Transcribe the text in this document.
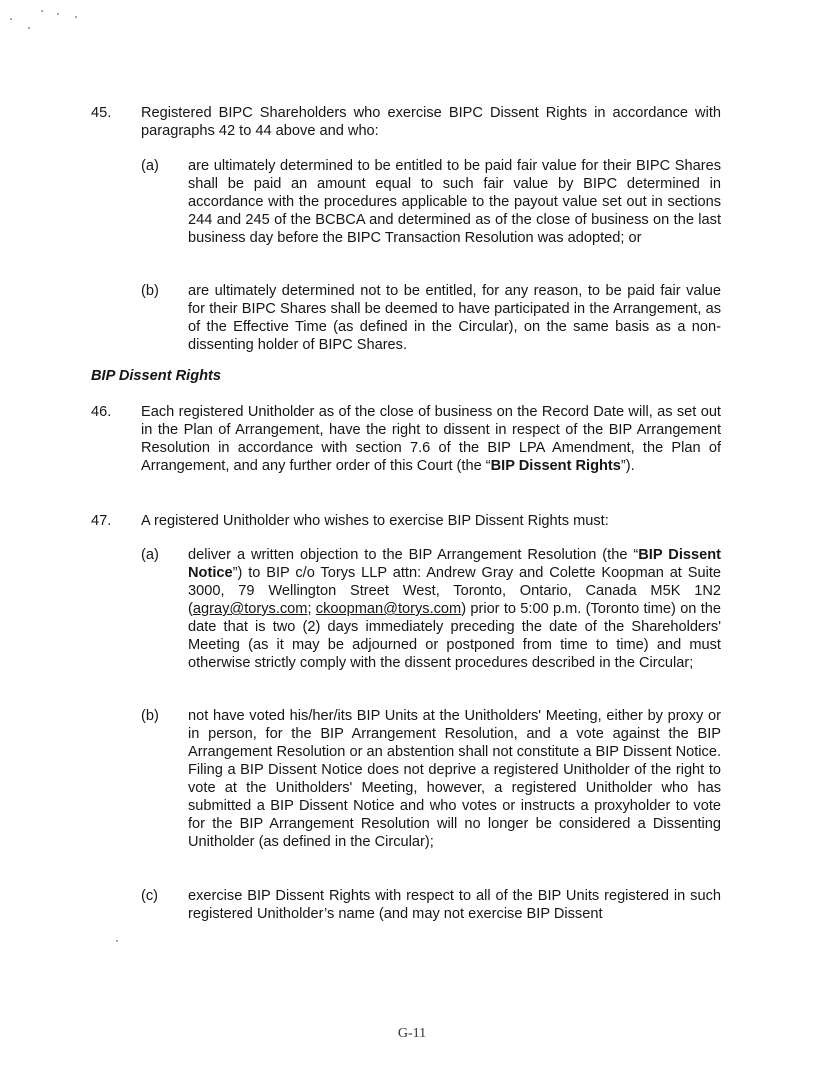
45. Registered BIPC Shareholders who exercise BIPC Dissent Rights in accordance with paragraphs 42 to 44 above and who:
(a) are ultimately determined to be entitled to be paid fair value for their BIPC Shares shall be paid an amount equal to such fair value by BIPC determined in accordance with the procedures applicable to the payout value set out in sections 244 and 245 of the BCBCA and determined as of the close of business on the last business day before the BIPC Transaction Resolution was adopted; or
(b) are ultimately determined not to be entitled, for any reason, to be paid fair value for their BIPC Shares shall be deemed to have participated in the Arrangement, as of the Effective Time (as defined in the Circular), on the same basis as a non-dissenting holder of BIPC Shares.
BIP Dissent Rights
46. Each registered Unitholder as of the close of business on the Record Date will, as set out in the Plan of Arrangement, have the right to dissent in respect of the BIP Arrangement Resolution in accordance with section 7.6 of the BIP LPA Amendment, the Plan of Arrangement, and any further order of this Court (the “BIP Dissent Rights”).
47. A registered Unitholder who wishes to exercise BIP Dissent Rights must:
(a) deliver a written objection to the BIP Arrangement Resolution (the “BIP Dissent Notice”) to BIP c/o Torys LLP attn: Andrew Gray and Colette Koopman at Suite 3000, 79 Wellington Street West, Toronto, Ontario, Canada M5K 1N2 (agray@torys.com; ckoopman@torys.com) prior to 5:00 p.m. (Toronto time) on the date that is two (2) days immediately preceding the date of the Shareholders' Meeting (as it may be adjourned or postponed from time to time) and must otherwise strictly comply with the dissent procedures described in the Circular;
(b) not have voted his/her/its BIP Units at the Unitholders' Meeting, either by proxy or in person, for the BIP Arrangement Resolution, and a vote against the BIP Arrangement Resolution or an abstention shall not constitute a BIP Dissent Notice. Filing a BIP Dissent Notice does not deprive a registered Unitholder of the right to vote at the Unitholders' Meeting, however, a registered Unitholder who has submitted a BIP Dissent Notice and who votes or instructs a proxyholder to vote for the BIP Arrangement Resolution will no longer be considered a Dissenting Unitholder (as defined in the Circular);
(c) exercise BIP Dissent Rights with respect to all of the BIP Units registered in such registered Unitholder’s name (and may not exercise BIP Dissent
G-11
